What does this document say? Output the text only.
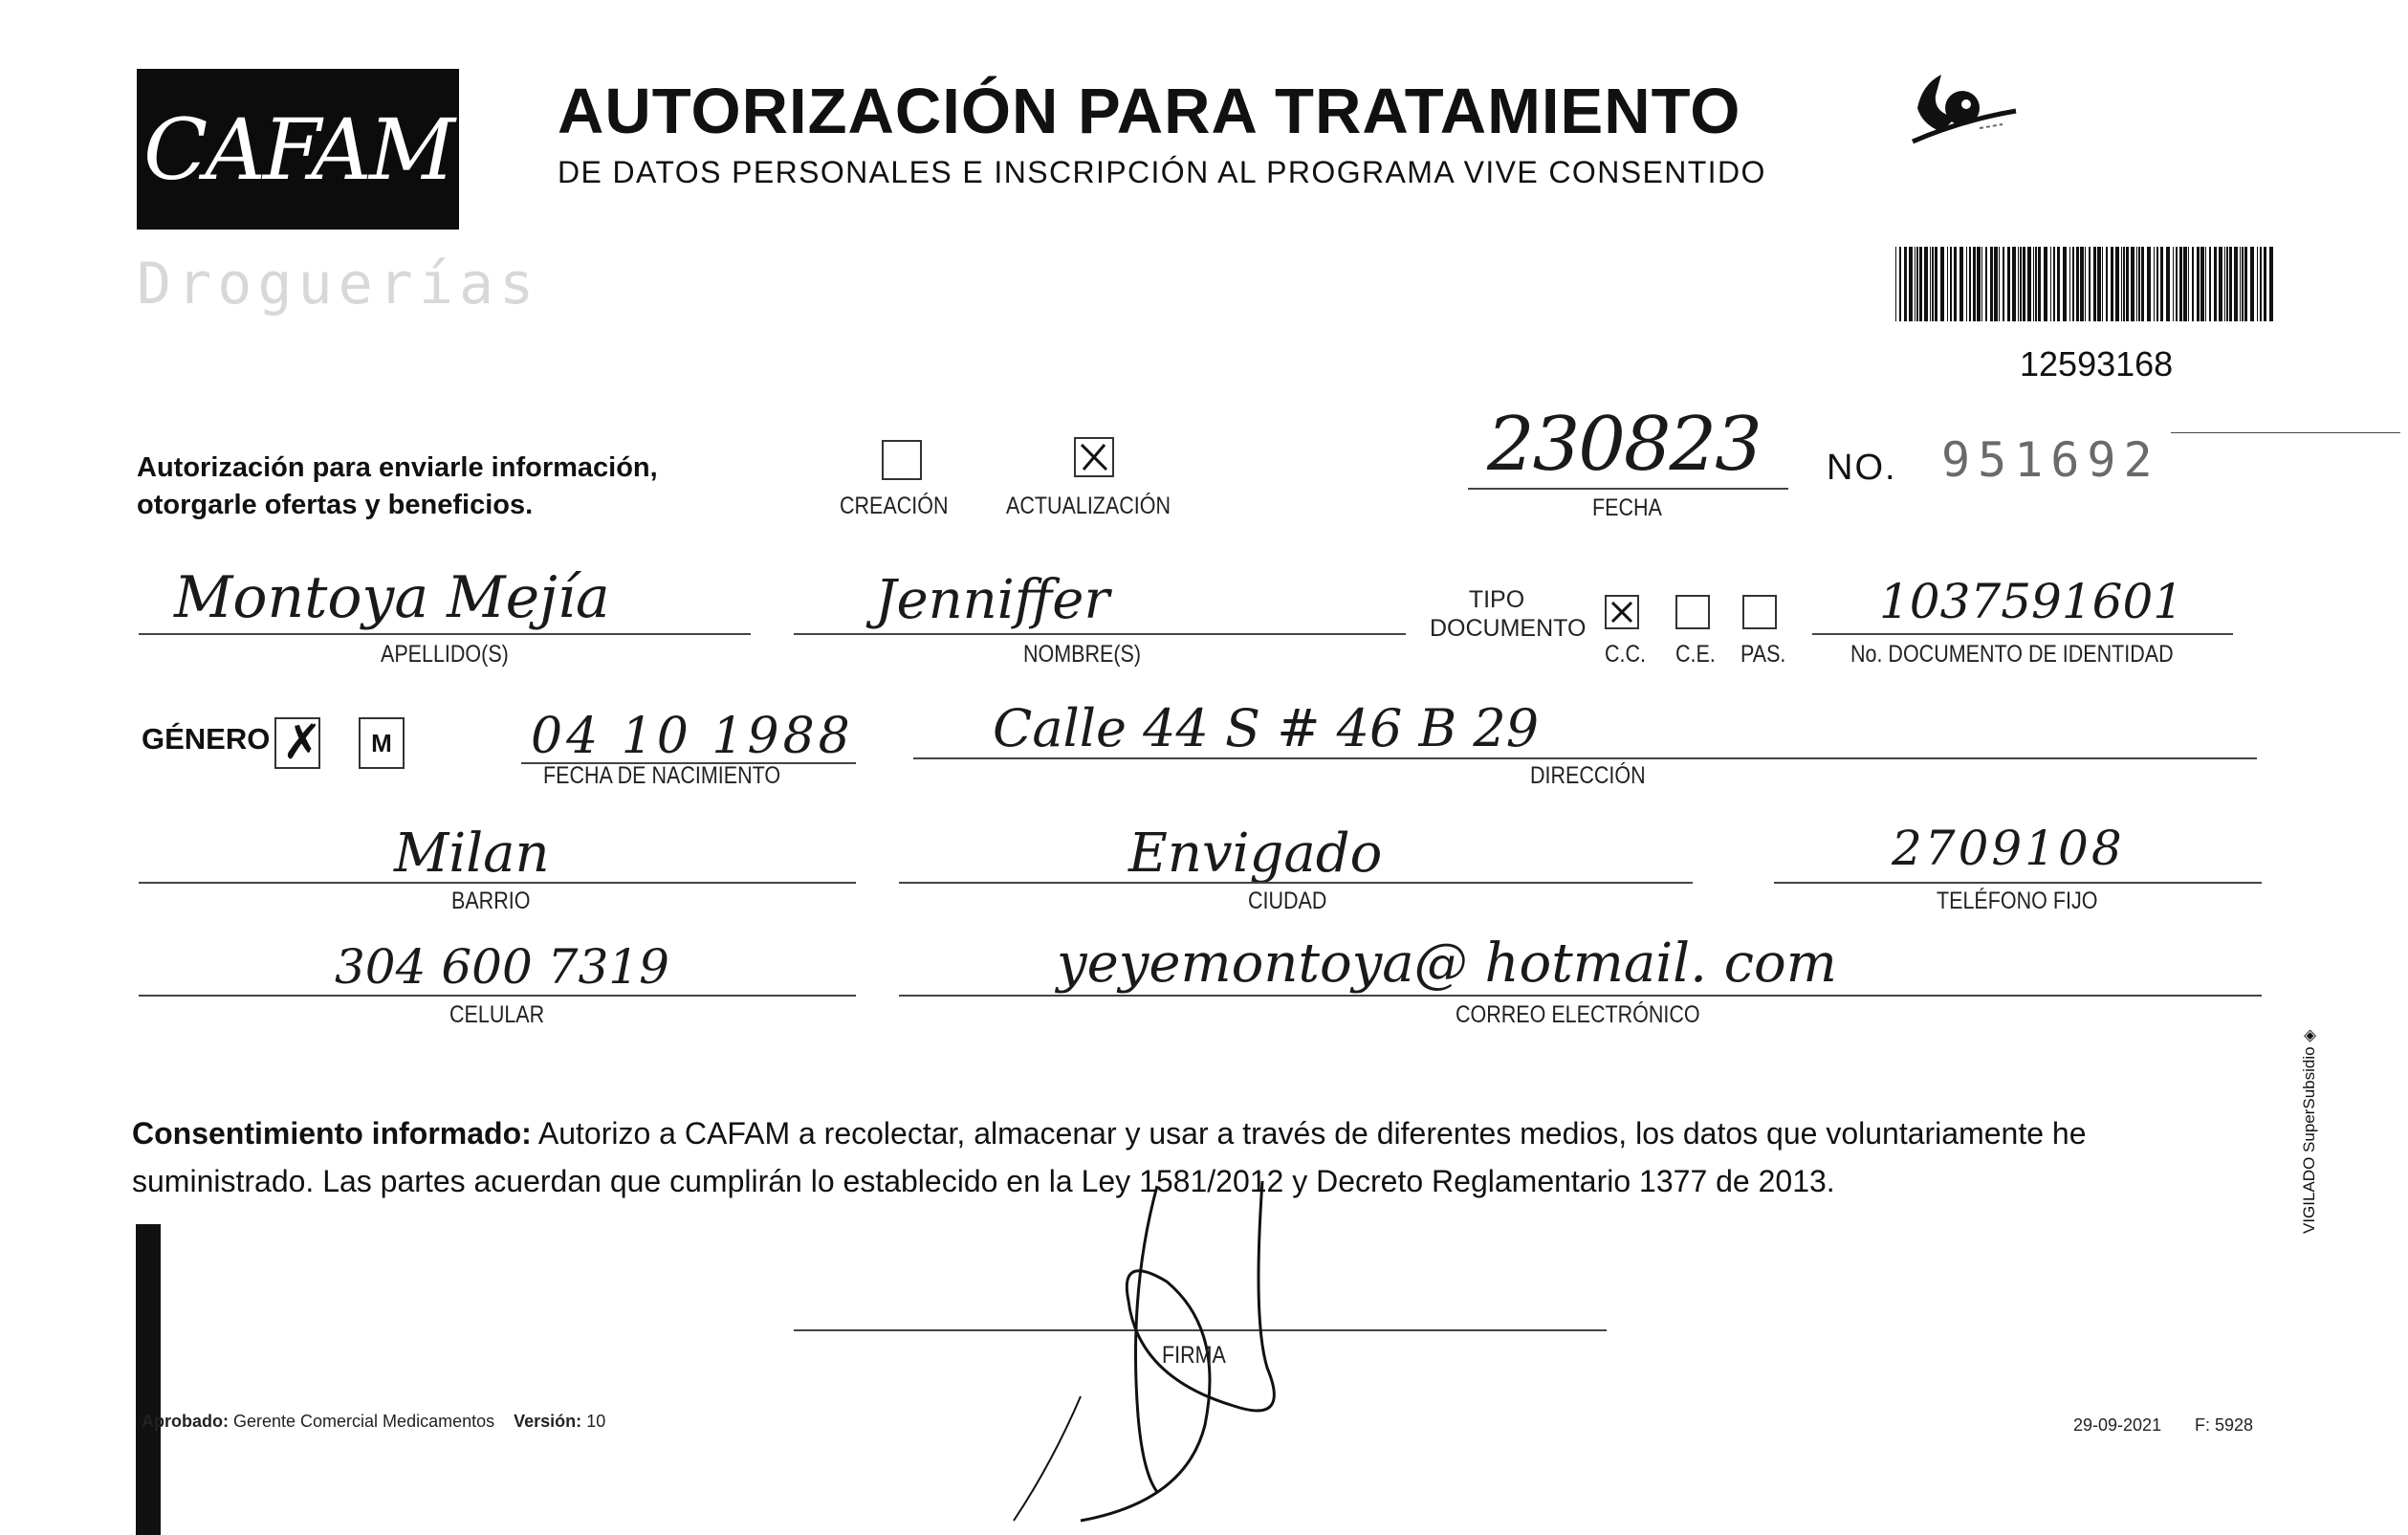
CAFAM
Droguerías
AUTORIZACIÓN PARA TRATAMIENTO
DE DATOS PERSONALES E INSCRIPCIÓN AL PROGRAMA VIVE CONSENTIDO
12593168
Autorización para enviarle información,
otorgarle ofertas y beneficios.	CREACIÓN ACTUALIZACIÓN
230823
FECHA
NO. 951692
Montoya Mejía
APELLIDO(S)
Jenniffer
NOMBRE(S)
TIPO
DOCUMENTO
C.C. C.E. PAS.
1037591601
No. DOCUMENTO DE IDENTIDAD
GÉNERO ✗	M	04 10 1988
FECHA DE NACIMIENTO
Calle 44 S # 46 B 29
DIRECCIÓN
Milan
BARRIO
Envigado
CIUDAD
2709108
TELÉFONO FIJO
304 600 7319
CELULAR
yeyemontoya@ hotmail. com
CORREO ELECTRÓNICO
Consentimiento informado: Autorizo a CAFAM a recolectar, almacenar y usar a través de diferentes medios, los datos que voluntariamente he suministrado. Las partes acuerdan que cumplirán lo establecido en la Ley 1581/2012 y Decreto Reglamentario 1377 de 2013.
FIRMA
Aprobado: Gerente Comercial Medicamentos Versión: 10	29-09-2021 F: 5928
VIGILADO SuperSubsidio ◈
